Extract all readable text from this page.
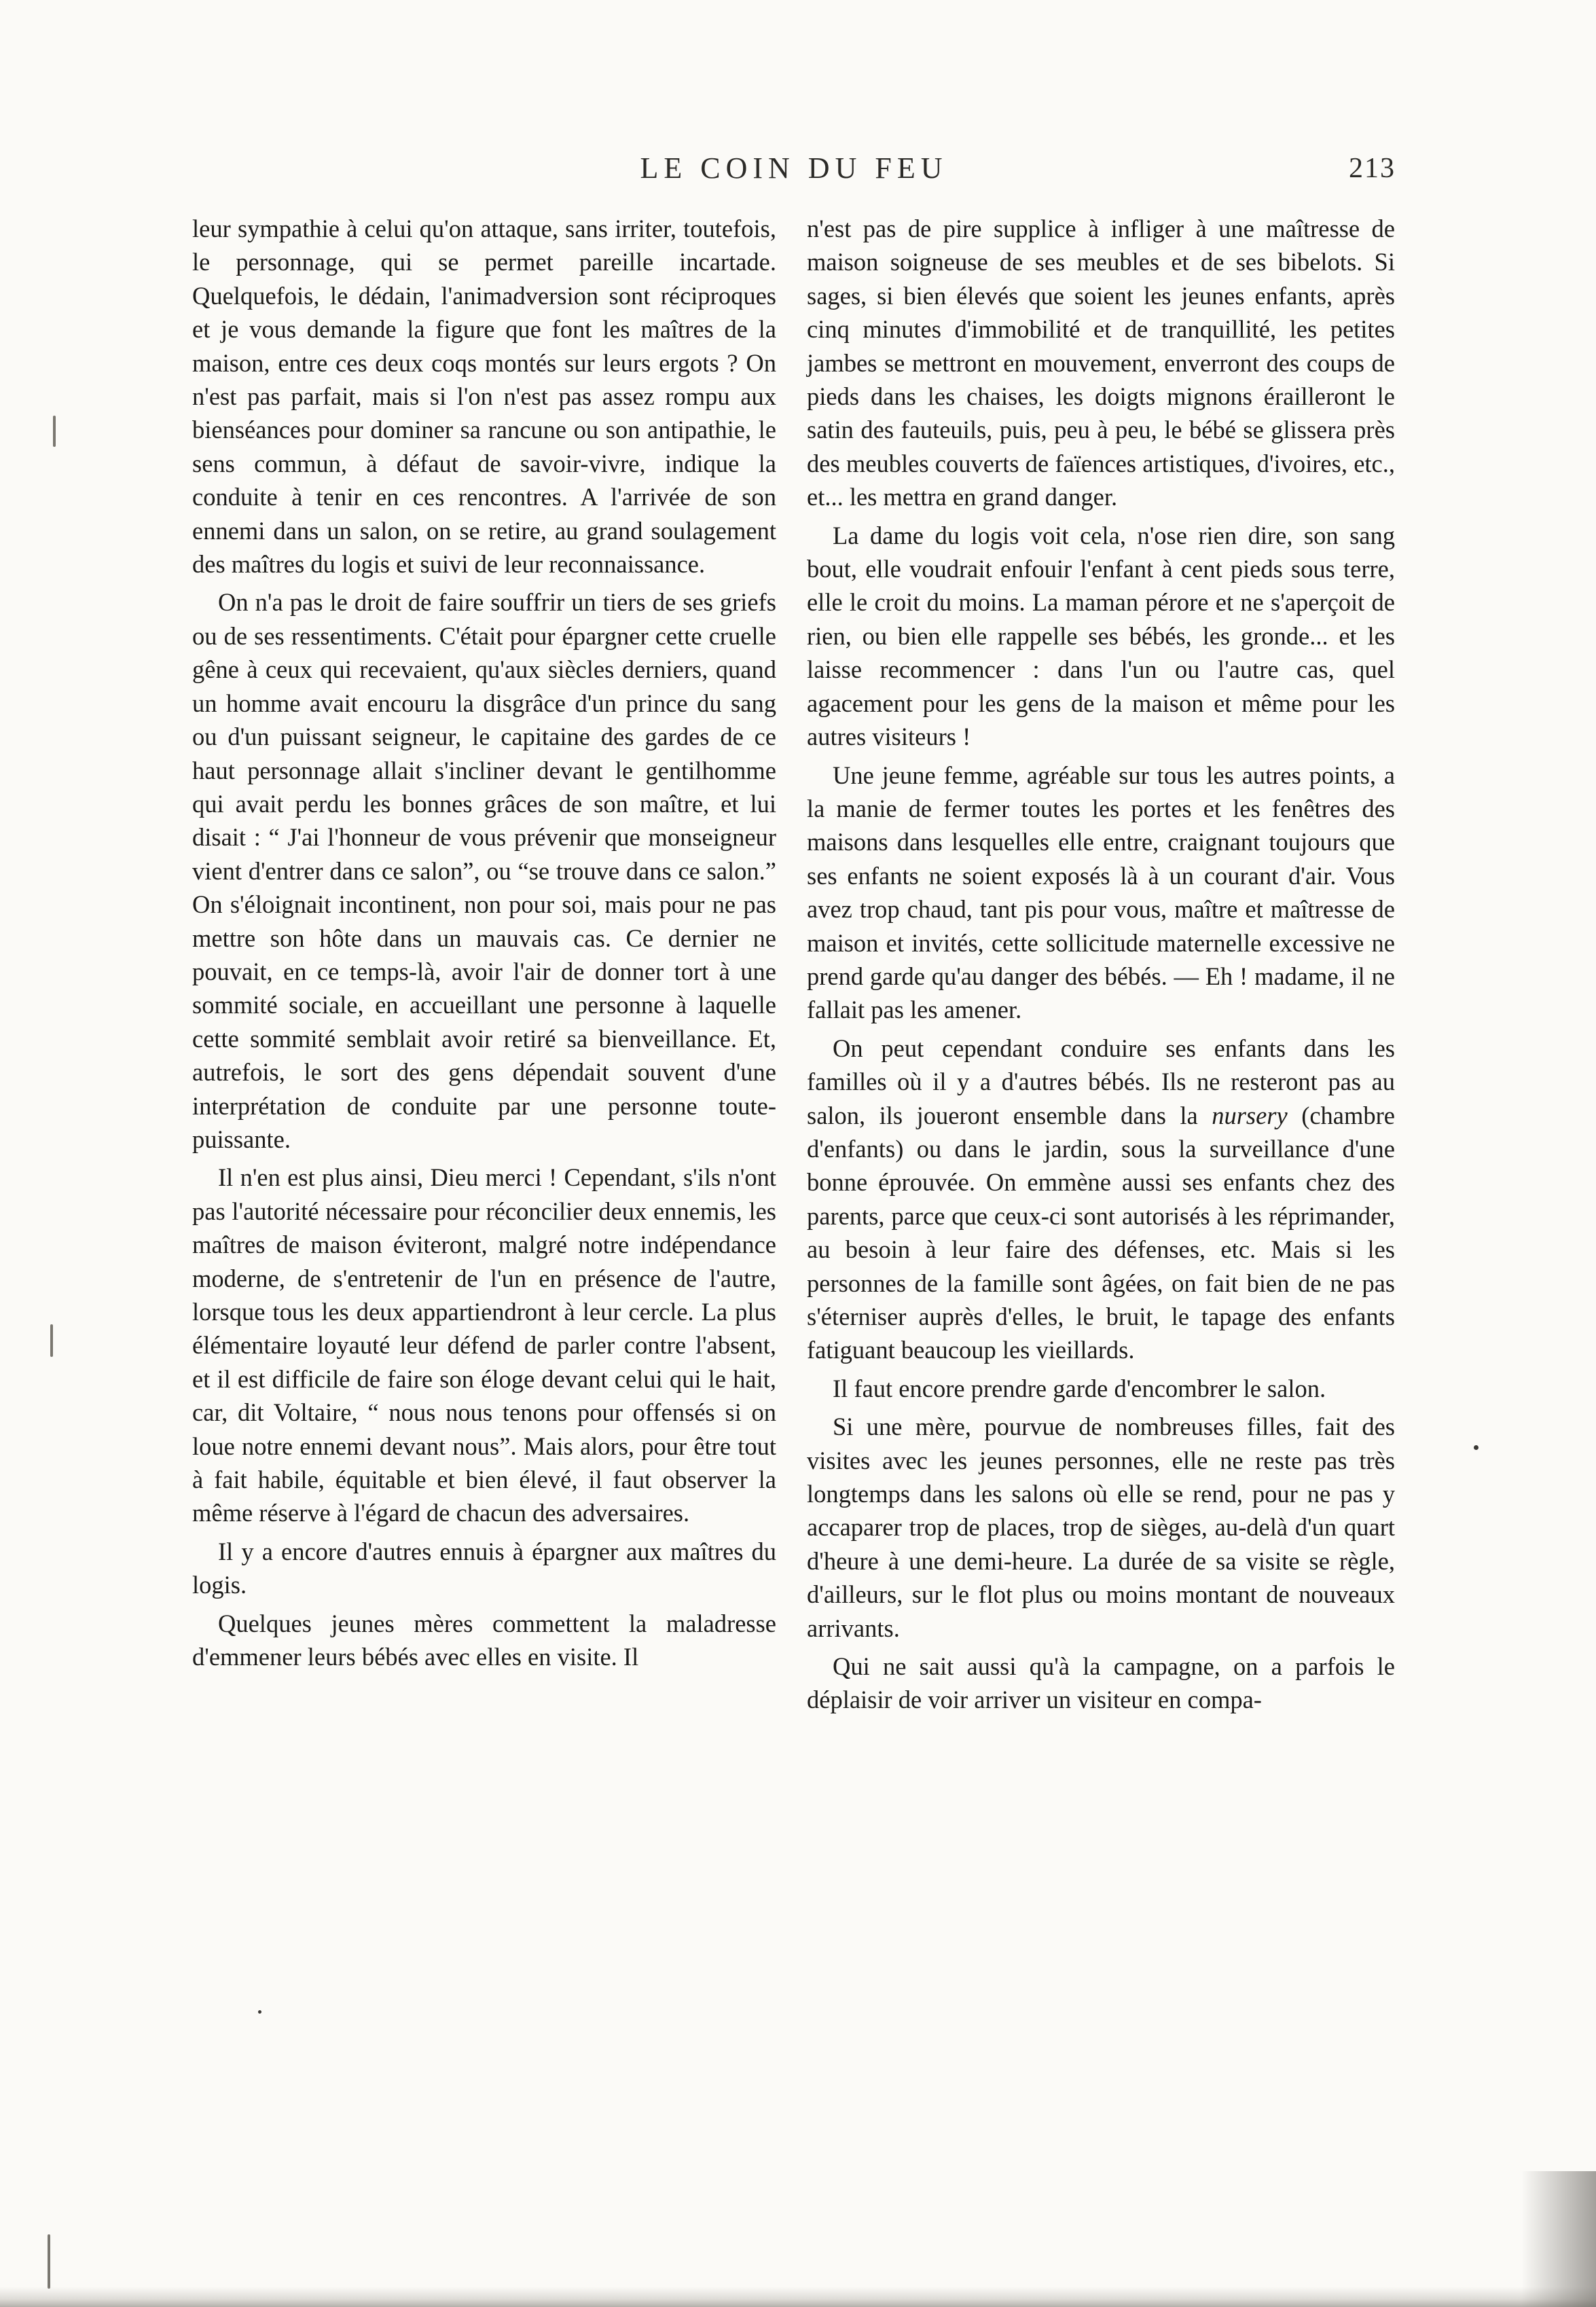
LE COIN DU FEU	213

leur sympathie à celui qu'on attaque, sans irriter, toutefois, le personnage, qui se permet pareille incartade. Quelquefois, le dédain, l'animadversion sont réciproques et je vous demande la figure que font les maîtres de la maison, entre ces deux coqs montés sur leurs ergots ? On n'est pas parfait, mais si l'on n'est pas assez rompu aux bienséances pour dominer sa rancune ou son antipathie, le sens commun, à défaut de savoir-vivre, indique la conduite à tenir en ces rencontres. A l'arrivée de son ennemi dans un salon, on se retire, au grand soulagement des maîtres du logis et suivi de leur reconnaissance.

On n'a pas le droit de faire souffrir un tiers de ses griefs ou de ses ressentiments. C'était pour épargner cette cruelle gêne à ceux qui recevaient, qu'aux siècles derniers, quand un homme avait encouru la disgrâce d'un prince du sang ou d'un puissant seigneur, le capitaine des gardes de ce haut personnage allait s'incliner devant le gentilhomme qui avait perdu les bonnes grâces de son maître, et lui disait : “ J'ai l'honneur de vous prévenir que monseigneur vient d'entrer dans ce salon”, ou “se trouve dans ce salon.” On s'éloignait incontinent, non pour soi, mais pour ne pas mettre son hôte dans un mauvais cas. Ce dernier ne pouvait, en ce temps-là, avoir l'air de donner tort à une sommité sociale, en accueillant une personne à laquelle cette sommité semblait avoir retiré sa bienveillance. Et, autrefois, le sort des gens dépendait souvent d'une interprétation de conduite par une personne toute-puissante.

Il n'en est plus ainsi, Dieu merci ! Cependant, s'ils n'ont pas l'autorité nécessaire pour réconcilier deux ennemis, les maîtres de maison éviteront, malgré notre indépendance moderne, de s'entretenir de l'un en présence de l'autre, lorsque tous les deux appartiendront à leur cercle. La plus élémentaire loyauté leur défend de parler contre l'absent, et il est difficile de faire son éloge devant celui qui le hait, car, dit Voltaire, “ nous nous tenons pour offensés si on loue notre ennemi devant nous”. Mais alors, pour être tout à fait habile, équitable et bien élevé, il faut observer la même réserve à l'égard de chacun des adversaires.

Il y a encore d'autres ennuis à épargner aux maîtres du logis.

Quelques jeunes mères commettent la maladresse d'emmener leurs bébés avec elles en visite. Il

n'est pas de pire supplice à infliger à une maîtresse de maison soigneuse de ses meubles et de ses bibelots. Si sages, si bien élevés que soient les jeunes enfants, après cinq minutes d'immobilité et de tranquillité, les petites jambes se mettront en mouvement, enverront des coups de pieds dans les chaises, les doigts mignons érailleront le satin des fauteuils, puis, peu à peu, le bébé se glissera près des meubles couverts de faïences artistiques, d'ivoires, etc., et... les mettra en grand danger.

La dame du logis voit cela, n'ose rien dire, son sang bout, elle voudrait enfouir l'enfant à cent pieds sous terre, elle le croit du moins. La maman pérore et ne s'aperçoit de rien, ou bien elle rappelle ses bébés, les gronde... et les laisse recommencer : dans l'un ou l'autre cas, quel agacement pour les gens de la maison et même pour les autres visiteurs !

Une jeune femme, agréable sur tous les autres points, a la manie de fermer toutes les portes et les fenêtres des maisons dans lesquelles elle entre, craignant toujours que ses enfants ne soient exposés là à un courant d'air. Vous avez trop chaud, tant pis pour vous, maître et maîtresse de maison et invités, cette sollicitude maternelle excessive ne prend garde qu'au danger des bébés. — Eh ! madame, il ne fallait pas les amener.

On peut cependant conduire ses enfants dans les familles où il y a d'autres bébés. Ils ne resteront pas au salon, ils joueront ensemble dans la nursery (chambre d'enfants) ou dans le jardin, sous la surveillance d'une bonne éprouvée. On emmène aussi ses enfants chez des parents, parce que ceux-ci sont autorisés à les réprimander, au besoin à leur faire des défenses, etc. Mais si les personnes de la famille sont âgées, on fait bien de ne pas s'éterniser auprès d'elles, le bruit, le tapage des enfants fatiguant beaucoup les vieillards.

Il faut encore prendre garde d'encombrer le salon.

Si une mère, pourvue de nombreuses filles, fait des visites avec les jeunes personnes, elle ne reste pas très longtemps dans les salons où elle se rend, pour ne pas y accaparer trop de places, trop de sièges, au-delà d'un quart d'heure à une demi-heure. La durée de sa visite se règle, d'ailleurs, sur le flot plus ou moins montant de nouveaux arrivants.

Qui ne sait aussi qu'à la campagne, on a parfois le déplaisir de voir arriver un visiteur en compa-
